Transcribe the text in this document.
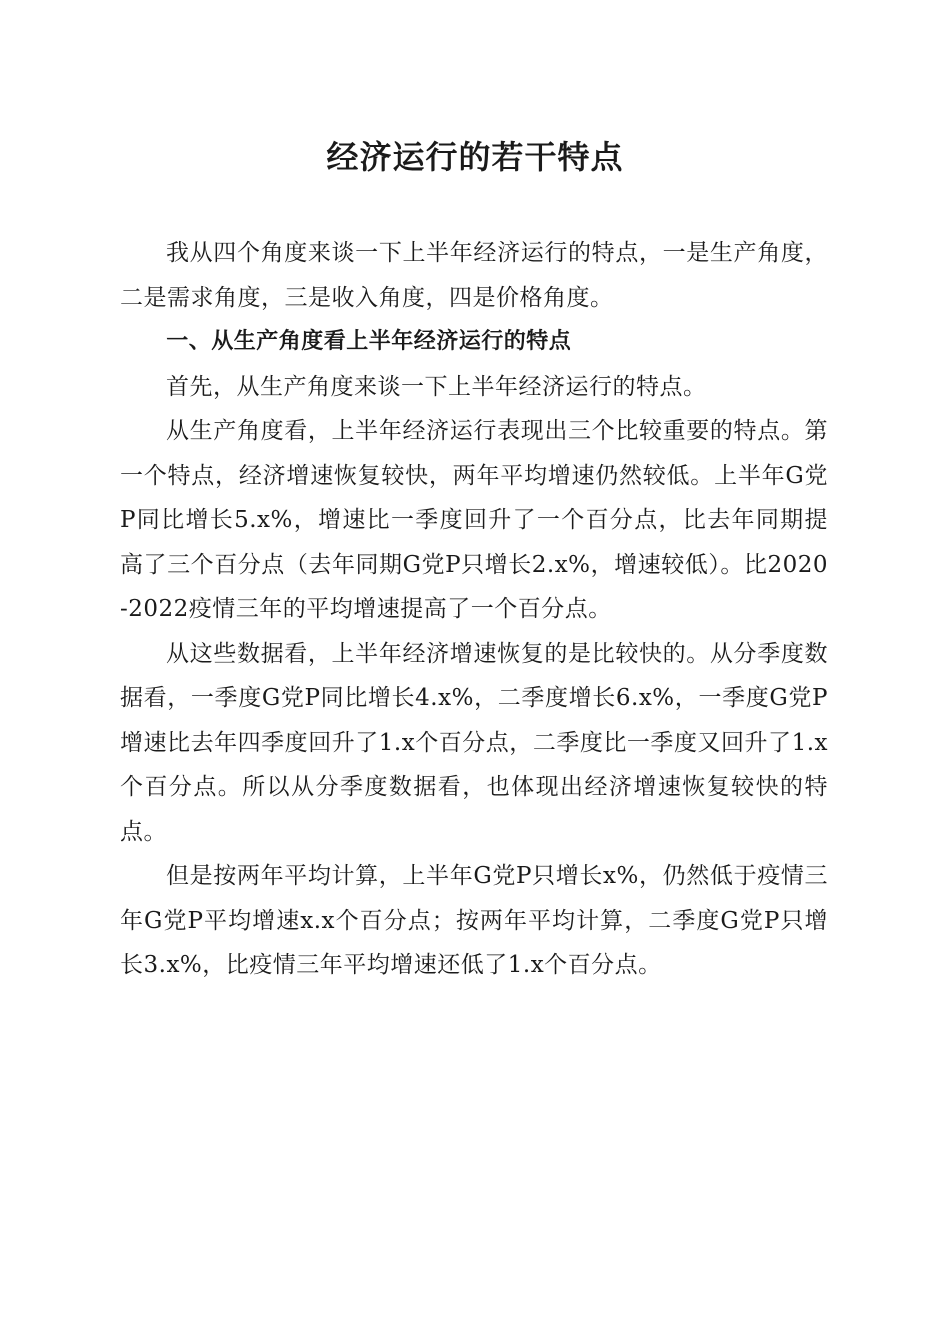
经济运行的若干特点

我从四个角度来谈一下上半年经济运行的特点，一是生产角度，二是需求角度，三是收入角度，四是价格角度。

一、从生产角度看上半年经济运行的特点

首先，从生产角度来谈一下上半年经济运行的特点。

从生产角度看，上半年经济运行表现出三个比较重要的特点。第一个特点，经济增速恢复较快，两年平均增速仍然较低。上半年G党P同比增长5.x%，增速比一季度回升了一个百分点，比去年同期提高了三个百分点（去年同期G党P只增长2.x%，增速较低）。比2020-2022疫情三年的平均增速提高了一个百分点。

从这些数据看，上半年经济增速恢复的是比较快的。从分季度数据看，一季度G党P同比增长4.x%，二季度增长6.x%，一季度G党P增速比去年四季度回升了1.x个百分点，二季度比一季度又回升了1.x个百分点。所以从分季度数据看，也体现出经济增速恢复较快的特点。

但是按两年平均计算，上半年G党P只增长x%，仍然低于疫情三年G党P平均增速x.x个百分点；按两年平均计算，二季度G党P只增长3.x%，比疫情三年平均增速还低了1.x个百分点。
